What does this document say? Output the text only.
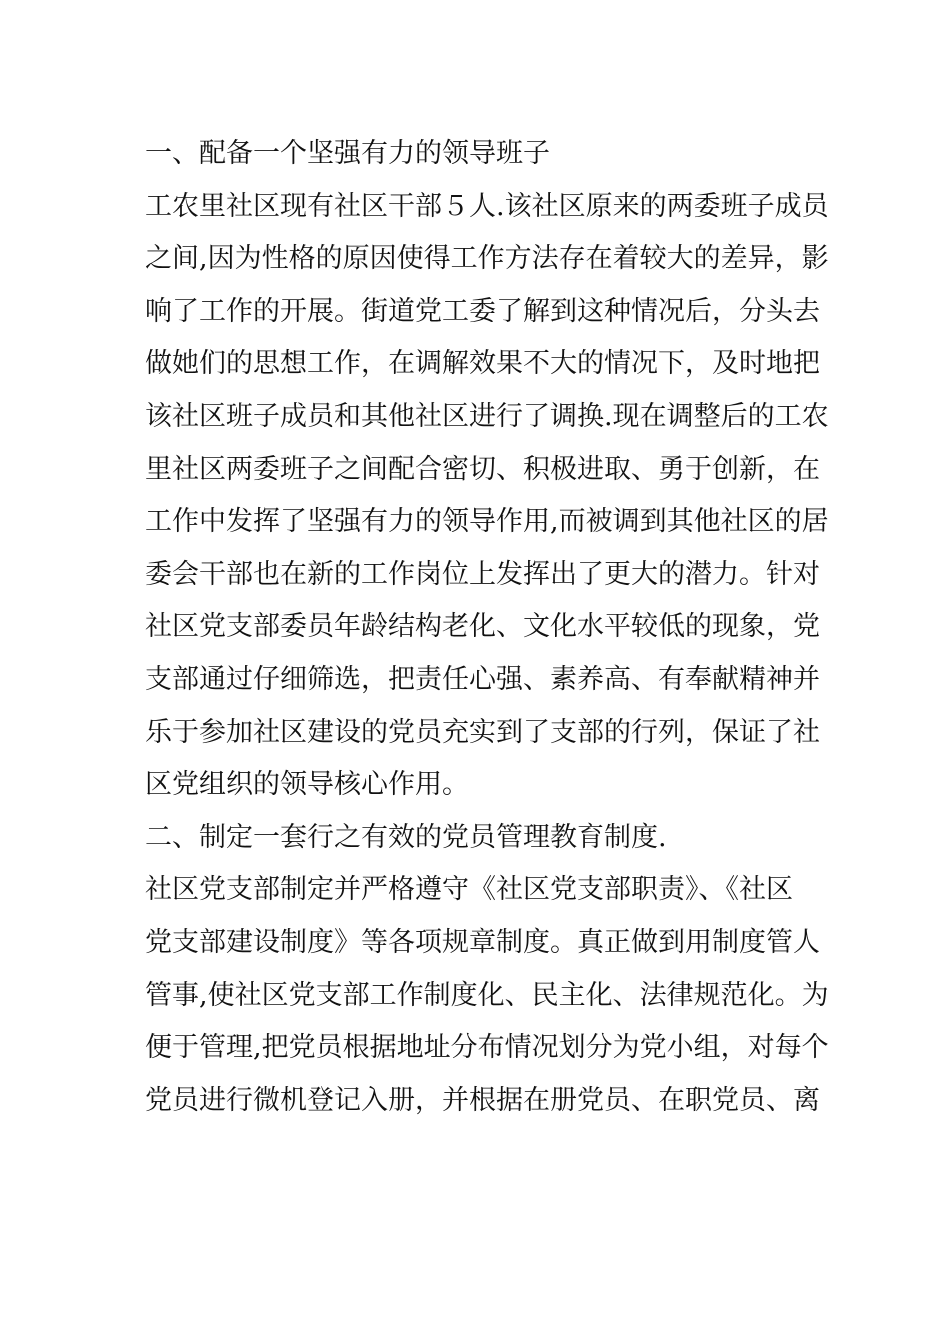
一、配备一个坚强有力的领导班子
工农里社区现有社区干部５人.该社区原来的两委班子成员
之间,因为性格的原因使得工作方法存在着较大的差异，影
响了工作的开展。街道党工委了解到这种情况后，分头去
做她们的思想工作，在调解效果不大的情况下，及时地把
该社区班子成员和其他社区进行了调换.现在调整后的工农
里社区两委班子之间配合密切、积极进取、勇于创新，在
工作中发挥了坚强有力的领导作用,而被调到其他社区的居
委会干部也在新的工作岗位上发挥出了更大的潜力。针对
社区党支部委员年龄结构老化、文化水平较低的现象，党
支部通过仔细筛选，把责任心强、素养高、有奉献精神并
乐于参加社区建设的党员充实到了支部的行列，保证了社
区党组织的领导核心作用。
二、制定一套行之有效的党员管理教育制度.
社区党支部制定并严格遵守《社区党支部职责》、《社区
党支部建设制度》等各项规章制度。真正做到用制度管人
管事,使社区党支部工作制度化、民主化、法律规范化。为
便于管理,把党员根据地址分布情况划分为党小组，对每个
党员进行微机登记入册，并根据在册党员、在职党员、离
